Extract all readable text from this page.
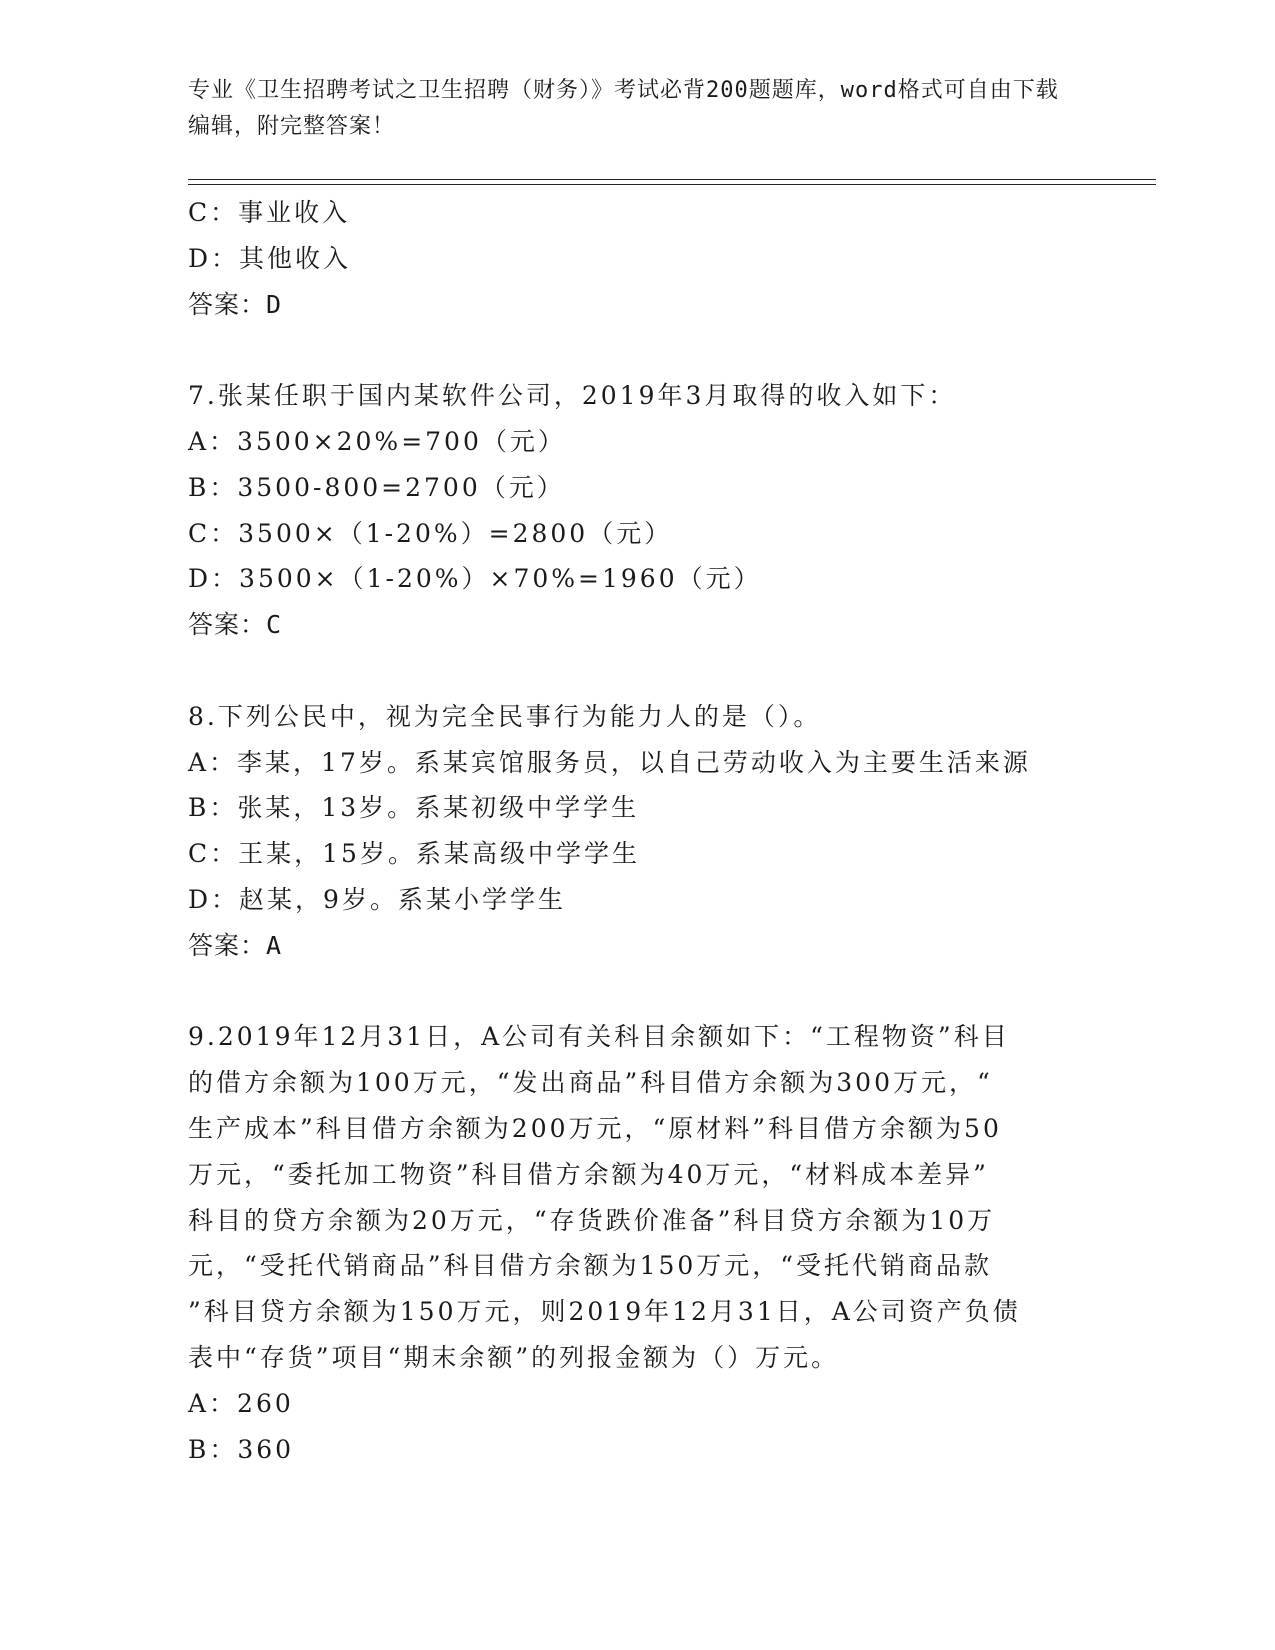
专业《卫生招聘考试之卫生招聘（财务）》考试必背200题题库，word格式可自由下载编辑，附完整答案！
C：事业收入
D：其他收入
答案：D
7.张某任职于国内某软件公司，2019年3月取得的收入如下：
A：3500×20%=700（元）
B：3500-800=2700（元）
C：3500×（1-20%）=2800（元）
D：3500×（1-20%）×70%=1960（元）
答案：C
8.下列公民中，视为完全民事行为能力人的是（）。
A：李某，17岁。系某宾馆服务员，以自己劳动收入为主要生活来源
B：张某，13岁。系某初级中学学生
C：王某，15岁。系某高级中学学生
D：赵某，9岁。系某小学学生
答案：A
9.2019年12月31日，A公司有关科目余额如下：“工程物资”科目
的借方余额为100万元，“发出商品”科目借方余额为300万元，“
生产成本”科目借方余额为200万元，“原材料”科目借方余额为50
万元，“委托加工物资”科目借方余额为40万元，“材料成本差异”
科目的贷方余额为20万元，“存货跌价准备”科目贷方余额为10万
元，“受托代销商品”科目借方余额为150万元，“受托代销商品款
”科目贷方余额为150万元，则2019年12月31日，A公司资产负债
表中“存货”项目“期末余额”的列报金额为（）万元。
A：260
B：360
